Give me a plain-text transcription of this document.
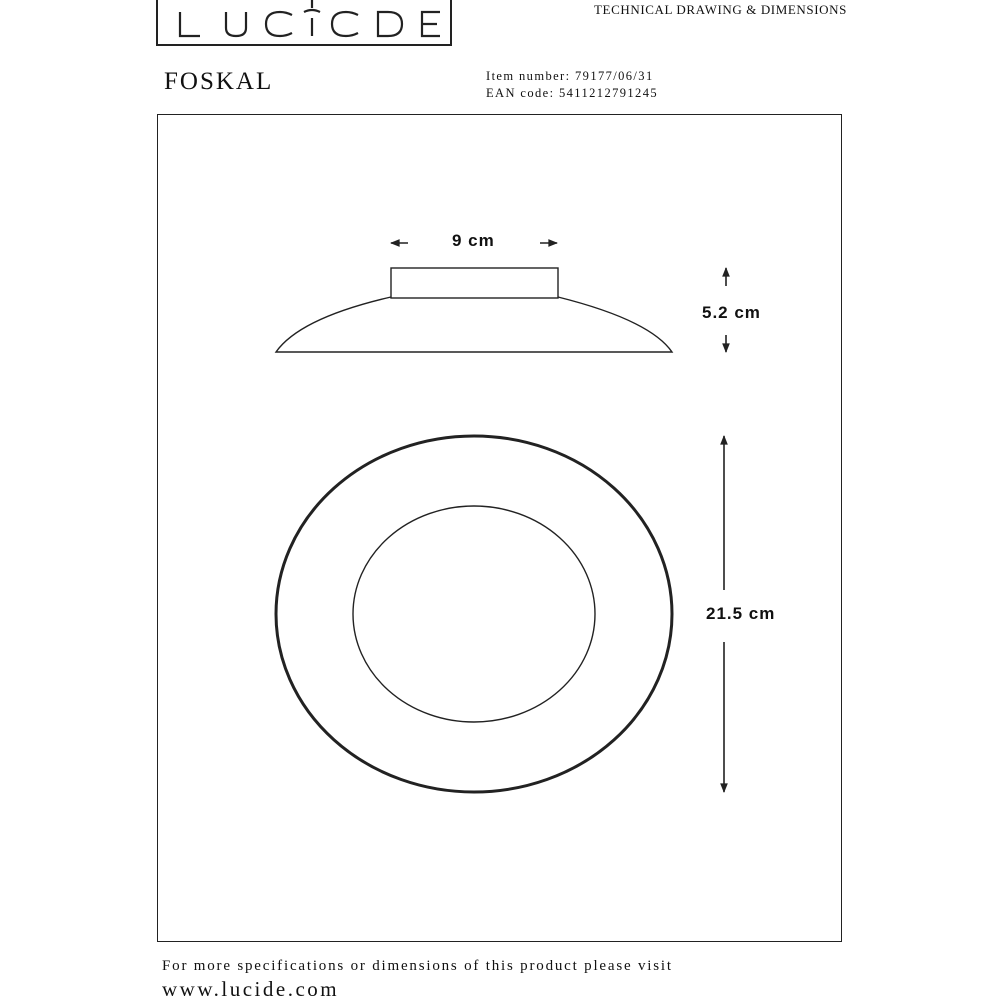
TECHNICAL DRAWING & DIMENSIONS
FOSKAL	Item number: 79177/06/31
EAN code: 5411212791245
9 cm
5.2 cm
21.5 cm
For more specifications or dimensions of this product please visit
www.lucide.com
